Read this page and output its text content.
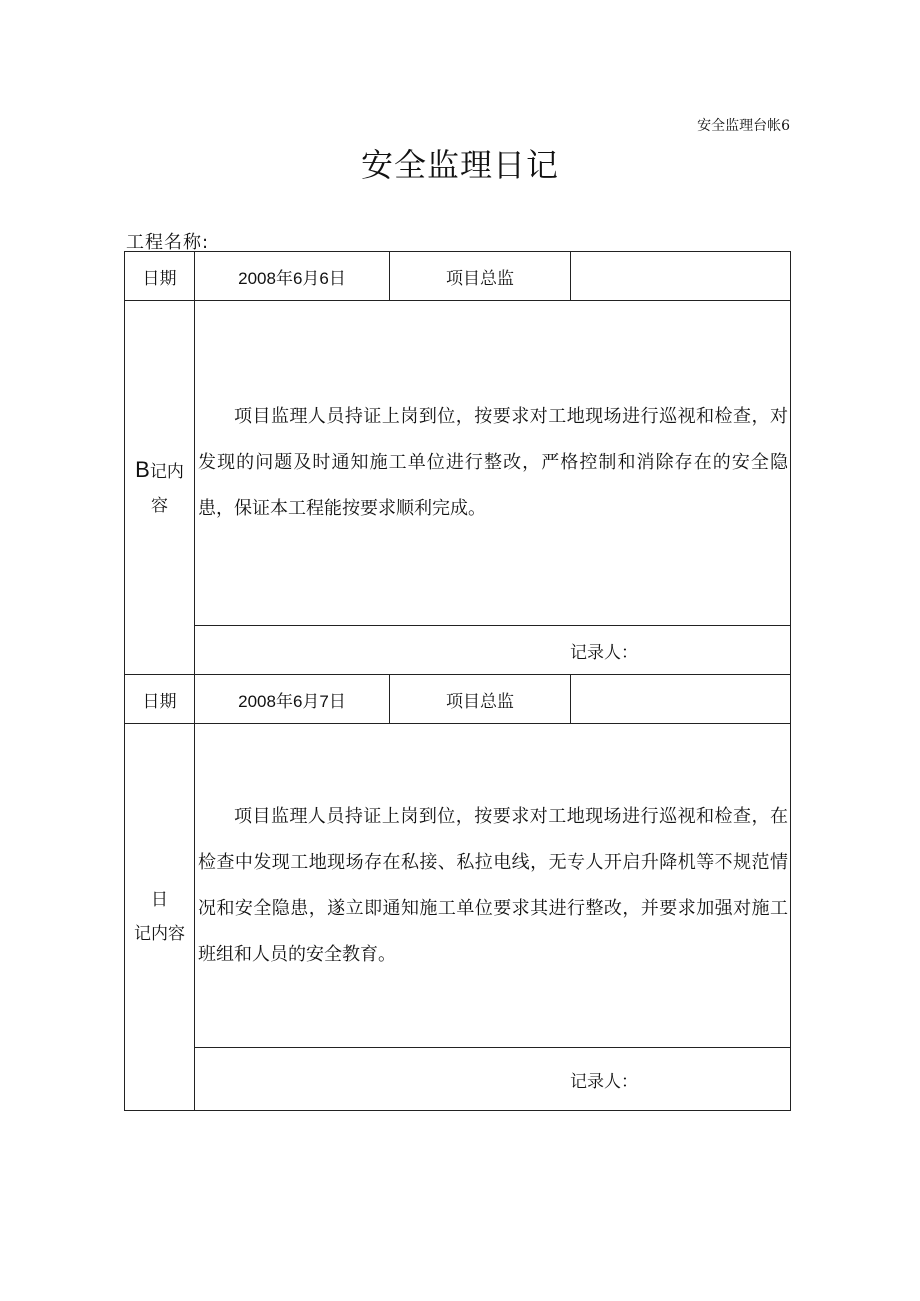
安全监理台帐6
安全监理日记
工程名称:
日期	2008年6月6日	项目总监	

B记内
容	项目监理人员持证上岗到位，按要求对工地现场进行巡视和检查，对发现的问题及时通知施工单位进行整改，严格控制和消除存在的安全隐患，保证本工程能按要求顺利完成。		

	记录人：		
日期	2008年6月7日	项目总监	

日
记内容	项目监理人员持证上岗到位，按要求对工地现场进行巡视和检查，在检查中发现工地现场存在私接、私拉电线，无专人开启升降机等不规范情况和安全隐患，遂立即通知施工单位要求其进行整改，并要求加强对施工班组和人员的安全教育。		

	记录人：		
